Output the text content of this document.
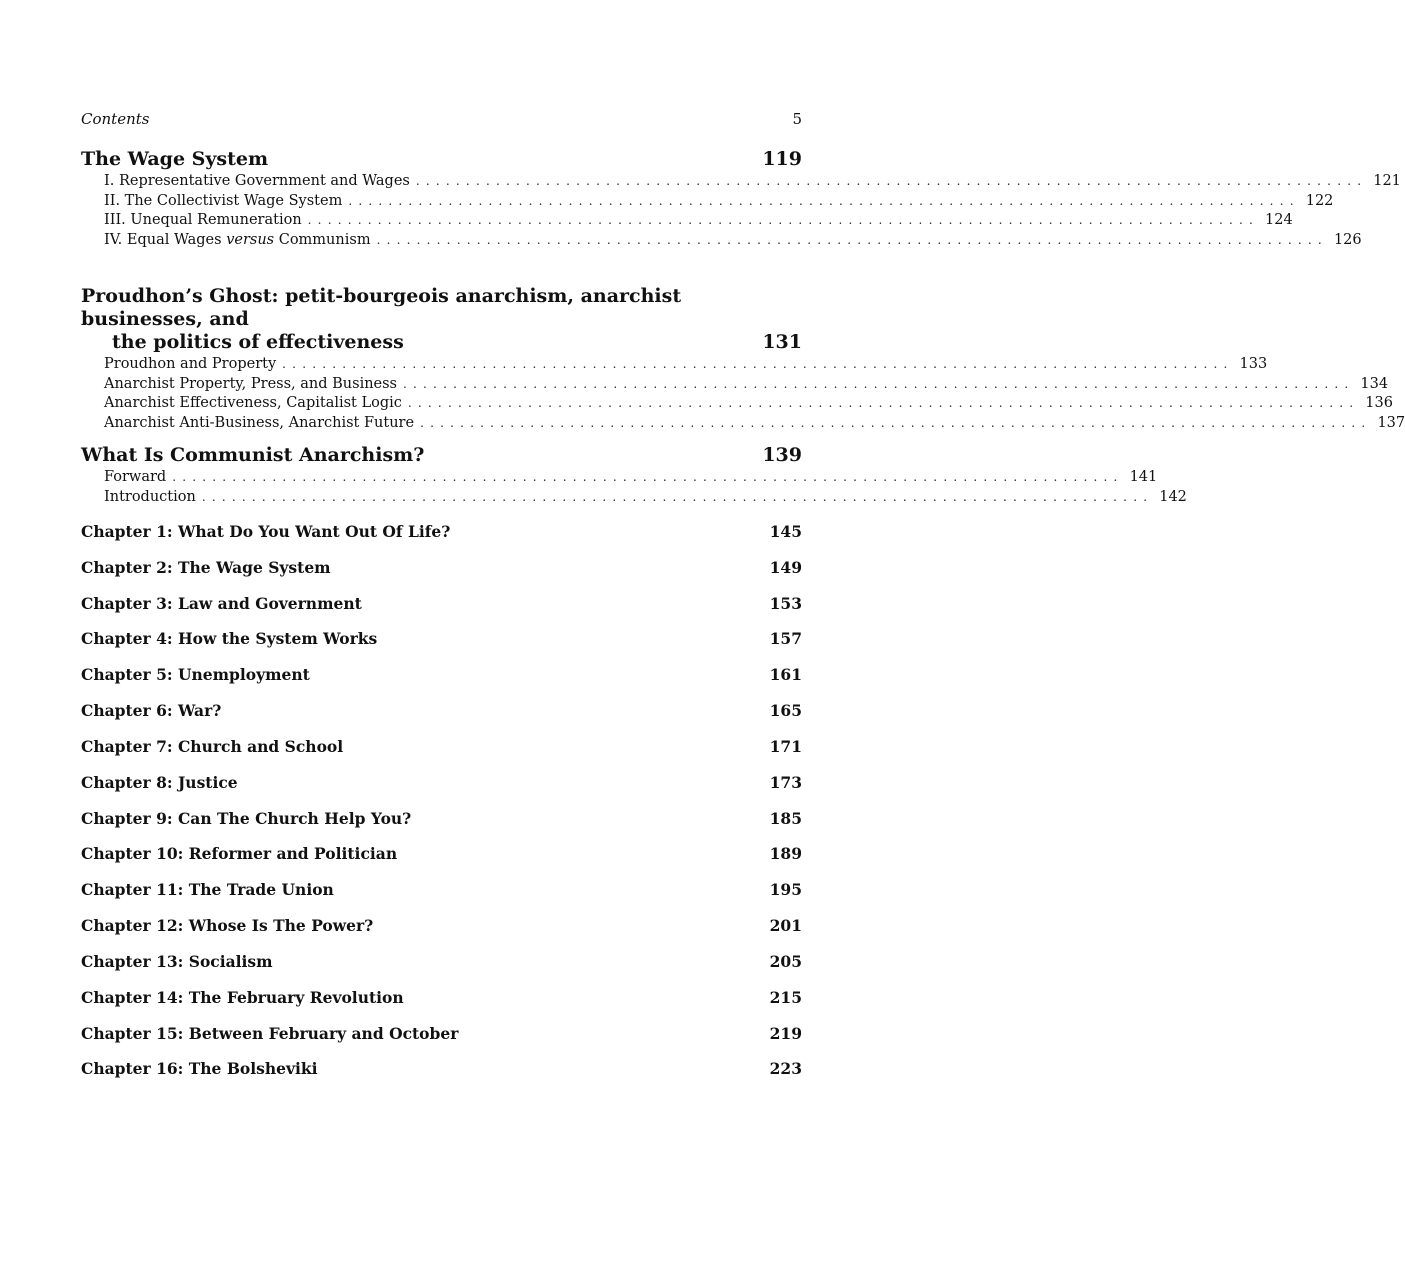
Contents	5
The Wage System	119
I. Representative Government and Wages ............................................................................................... 121
II. The Collectivist Wage System ............................................................................................... 122
III. Unequal Remuneration ............................................................................................... 124
IV. Equal Wages versus Communism ............................................................................................... 126
Proudhon’s Ghost: petit-bourgeois anarchism, anarchist businesses, and
the politics of effectiveness	131
Proudhon and Property ............................................................................................... 133
Anarchist Property, Press, and Business ............................................................................................... 134
Anarchist Effectiveness, Capitalist Logic ............................................................................................... 136
Anarchist Anti-Business, Anarchist Future ............................................................................................... 137
What Is Communist Anarchism?	139
Forward ............................................................................................... 141
Introduction ............................................................................................... 142
Chapter 1: What Do You Want Out Of Life?	145
Chapter 2: The Wage System	149
Chapter 3: Law and Government	153
Chapter 4: How the System Works	157
Chapter 5: Unemployment	161
Chapter 6: War?	165
Chapter 7: Church and School	171
Chapter 8: Justice	173
Chapter 9: Can The Church Help You?	185
Chapter 10: Reformer and Politician	189
Chapter 11: The Trade Union	195
Chapter 12: Whose Is The Power?	201
Chapter 13: Socialism	205
Chapter 14: The February Revolution	215
Chapter 15: Between February and October	219
Chapter 16: The Bolsheviki	223
